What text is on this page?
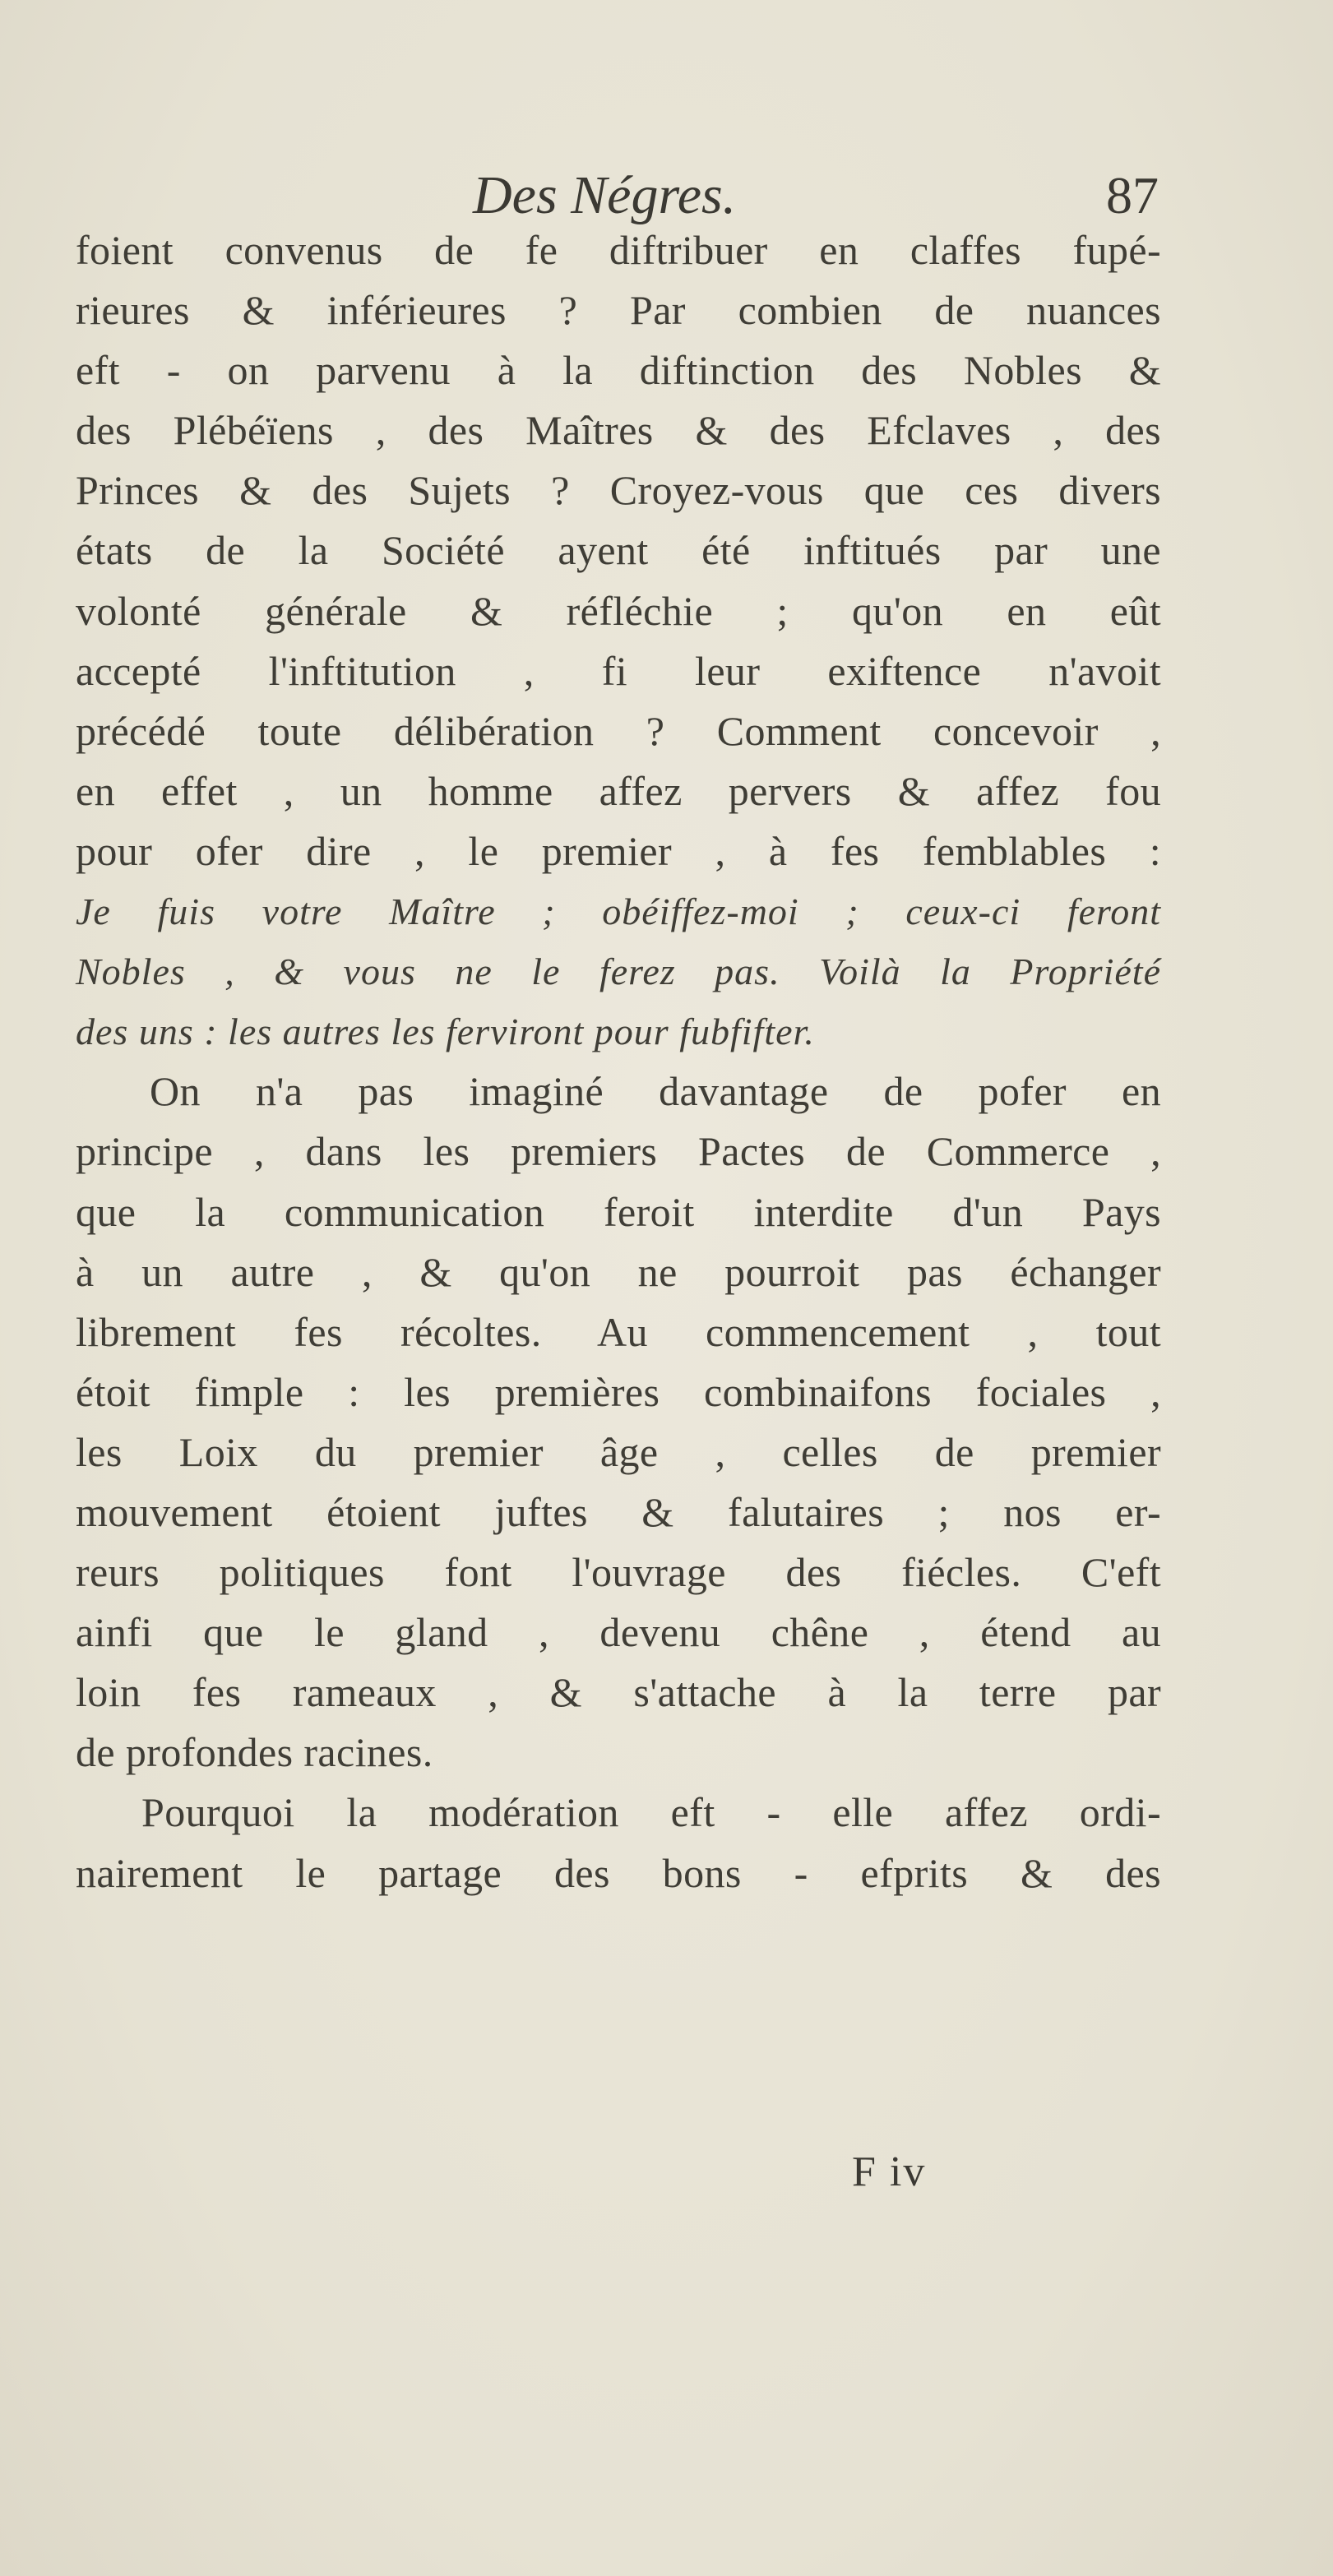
Des Négres.	87
foient convenus de fe diftribuer en claffes fupé-
rieures & inférieures ? Par combien de nuances
eft - on parvenu à la diftinction des Nobles &
des Plébéïens , des Maîtres & des Efclaves , des
Princes & des Sujets ? Croyez-vous que ces divers
états de la Société ayent été inftitués par une
volonté générale & réfléchie ; qu'on en eût
accepté l'inftitution , fi leur exiftence n'avoit
précédé toute délibération ? Comment concevoir ,
en effet , un homme affez pervers & affez fou
pour ofer dire , le premier , à fes femblables :
Je fuis votre Maître ; obéiffez-moi ; ceux-ci feront
Nobles , & vous ne le ferez pas. Voilà la Propriété
des uns : les autres les ferviront pour fubfifter.
On n'a pas imaginé davantage de pofer en
principe , dans les premiers Pactes de Commerce ,
que la communication feroit interdite d'un Pays
à un autre , & qu'on ne pourroit pas échanger
librement fes récoltes. Au commencement , tout
étoit fimple : les premières combinaifons fociales ,
les Loix du premier âge , celles de premier
mouvement étoient juftes & falutaires ; nos er-
reurs politiques font l'ouvrage des fiécles. C'eft
ainfi que le gland , devenu chêne , étend au
loin fes rameaux , & s'attache à la terre par
de profondes racines.
Pourquoi la modération eft - elle affez ordi-
nairement le partage des bons - efprits & des
F iv
